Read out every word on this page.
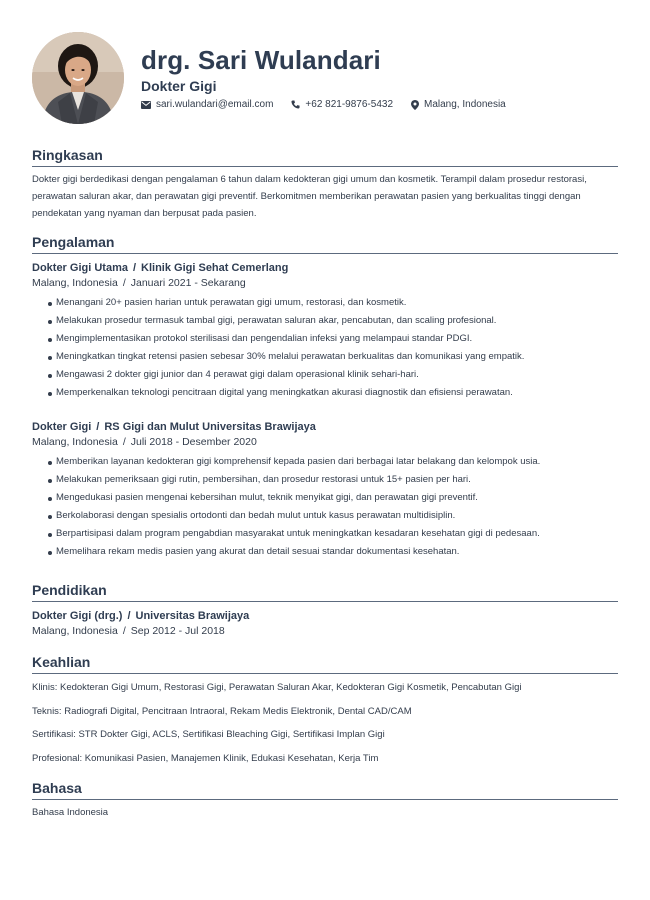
drg. Sari Wulandari
Dokter Gigi
sari.wulandari@email.com	+62 821-9876-5432	Malang, Indonesia
Ringkasan

Dokter gigi berdedikasi dengan pengalaman 6 tahun dalam kedokteran gigi umum dan kosmetik. Terampil dalam prosedur restorasi, perawatan saluran akar, dan perawatan gigi preventif. Berkomitmen memberikan perawatan pasien yang berkualitas tinggi dengan pendekatan yang nyaman dan berpusat pada pasien.

Pengalaman
Dokter Gigi Utama / Klinik Gigi Sehat Cemerlang
Malang, Indonesia / Januari 2021 - Sekarang
Menangani 20+ pasien harian untuk perawatan gigi umum, restorasi, dan kosmetik.
Melakukan prosedur termasuk tambal gigi, perawatan saluran akar, pencabutan, dan scaling profesional.
Mengimplementasikan protokol sterilisasi dan pengendalian infeksi yang melampaui standar PDGI.
Meningkatkan tingkat retensi pasien sebesar 30% melalui perawatan berkualitas dan komunikasi yang empatik.
Mengawasi 2 dokter gigi junior dan 4 perawat gigi dalam operasional klinik sehari-hari.
Memperkenalkan teknologi pencitraan digital yang meningkatkan akurasi diagnostik dan efisiensi perawatan.
Dokter Gigi / RS Gigi dan Mulut Universitas Brawijaya
Malang, Indonesia / Juli 2018 - Desember 2020
Memberikan layanan kedokteran gigi komprehensif kepada pasien dari berbagai latar belakang dan kelompok usia.
Melakukan pemeriksaan gigi rutin, pembersihan, dan prosedur restorasi untuk 15+ pasien per hari.
Mengedukasi pasien mengenai kebersihan mulut, teknik menyikat gigi, dan perawatan gigi preventif.
Berkolaborasi dengan spesialis ortodonti dan bedah mulut untuk kasus perawatan multidisiplin.
Berpartisipasi dalam program pengabdian masyarakat untuk meningkatkan kesadaran kesehatan gigi di pedesaan.
Memelihara rekam medis pasien yang akurat dan detail sesuai standar dokumentasi kesehatan.
Pendidikan
Dokter Gigi (drg.) / Universitas Brawijaya
Malang, Indonesia / Sep 2012 - Jul 2018
Keahlian
Klinis: Kedokteran Gigi Umum, Restorasi Gigi, Perawatan Saluran Akar, Kedokteran Gigi Kosmetik, Pencabutan Gigi
Teknis: Radiografi Digital, Pencitraan Intraoral, Rekam Medis Elektronik, Dental CAD/CAM
Sertifikasi: STR Dokter Gigi, ACLS, Sertifikasi Bleaching Gigi, Sertifikasi Implan Gigi
Profesional: Komunikasi Pasien, Manajemen Klinik, Edukasi Kesehatan, Kerja Tim
Bahasa

Bahasa Indonesia
